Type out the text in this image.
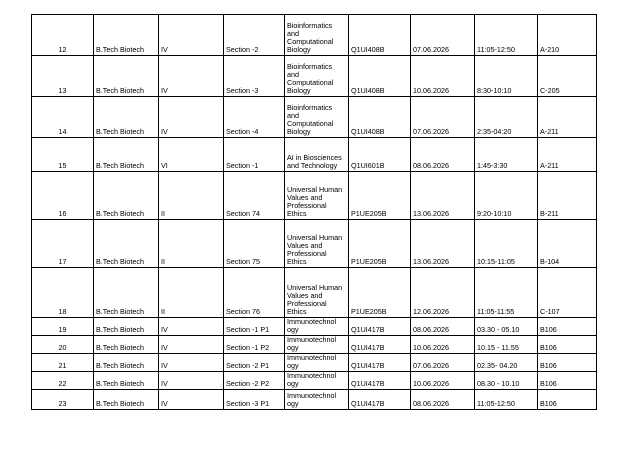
12	B.Tech Biotech	IV	Section -2	Bioinformatics and Computational Biology	Q1UI408B	07.06.2026	11:05-12:50	A-210
13	B.Tech Biotech	IV	Section -3	Bioinformatics and Computational Biology	Q1UI408B	10.06.2026	8:30-10:10	C-205
14	B.Tech Biotech	IV	Section -4	Bioinformatics and Computational Biology	Q1UI408B	07.06.2026	2:35-04:20	A-211
15	B.Tech Biotech	VI	Section -1	AI in Biosciences and Technology	Q1UI601B	08.06.2026	1:45-3:30	A-211
16	B.Tech Biotech	II	Section 74	Universal Human Values and Professional Ethics	P1UE205B	13.06.2026	9:20-10:10	B-211
17	B.Tech Biotech	II	Section 75	Universal Human Values and Professional Ethics	P1UE205B	13.06.2026	10:15-11:05	B-104
18	B.Tech Biotech	II	Section 76	Universal Human Values and Professional Ethics	P1UE205B	12.06.2026	11:05-11:55	C-107
19	B.Tech Biotech	IV	Section -1 P1	Immunotechnol ogy	Q1UI417B	08.06.2026	03.30 - 05.10	B106
20	B.Tech Biotech	IV	Section -1 P2	Immunotechnol ogy	Q1UI417B	10.06.2026	10.15 - 11.55	B106
21	B.Tech Biotech	IV	Section -2 P1	Immunotechnol ogy	Q1UI417B	07.06.2026	02.35- 04.20	B106
22	B.Tech Biotech	IV	Section -2 P2	Immunotechnol ogy	Q1UI417B	10.06.2026	08.30 - 10.10	B106
23	B.Tech Biotech	IV	Section -3 P1	Immunotechnol ogy	Q1UI417B	08.06.2026	11:05-12:50	B106
